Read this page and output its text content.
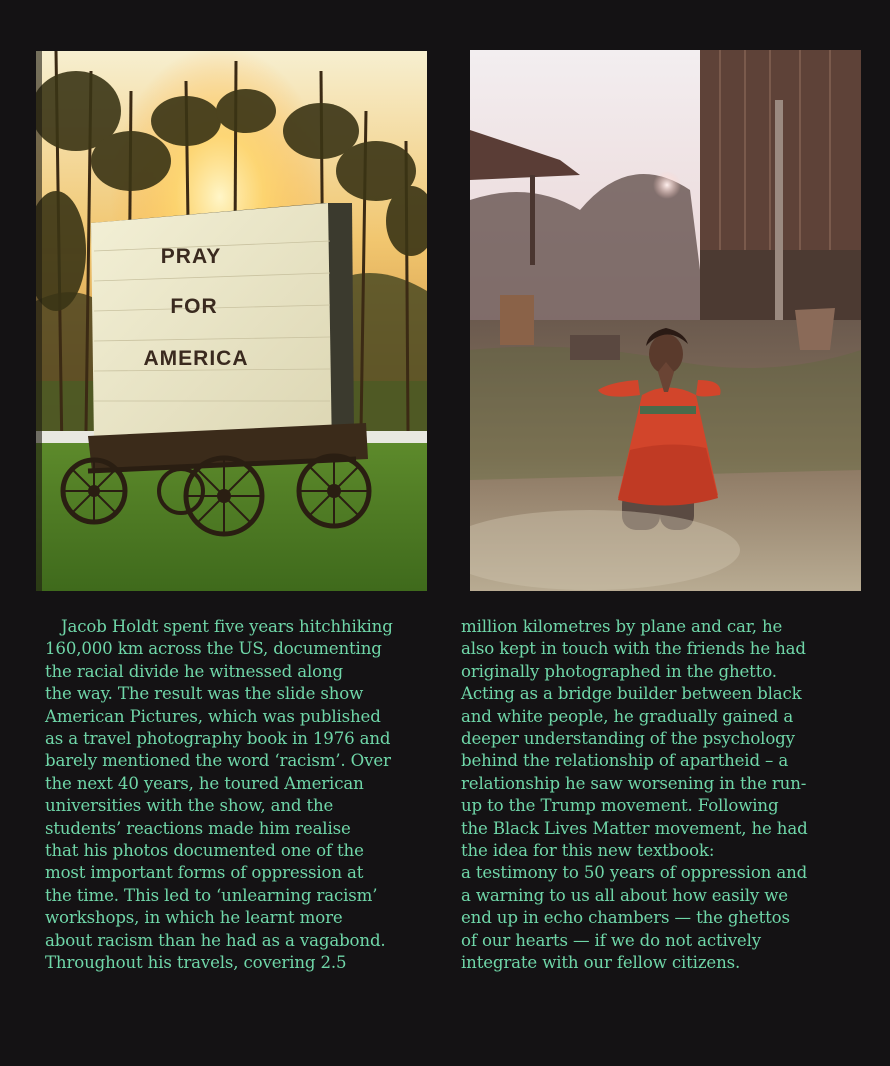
PRAY
FOR
AMERICA

Jacob Holdt spent five years hitchhiking

160,000 km across the US, documenting

the racial divide he witnessed along

the way. The result was the slide show

American Pictures, which was published

as a travel photography book in 1976 and

barely mentioned the word ‘racism’. Over

the next 40 years, he toured American

universities with the show, and the

students’ reactions made him realise

that his photos documented one of the

most important forms of oppression at

the time. This led to ‘unlearning racism’

workshops, in which he learnt more

about racism than he had as a vagabond.

Throughout his travels, covering 2.5

million kilometres by plane and car, he

also kept in touch with the friends he had

originally photographed in the ghetto.

Acting as a bridge builder between black

and white people, he gradually gained a

deeper understanding of the psychology

behind the relationship of apartheid – a

relationship he saw worsening in the run-

up to the Trump movement. Following

the Black Lives Matter movement, he had

the idea for this new textbook:

a testimony to 50 years of oppression and

a warning to us all about how easily we

end up in echo chambers — the ghettos

of our hearts — if we do not actively

integrate with our fellow citizens.
